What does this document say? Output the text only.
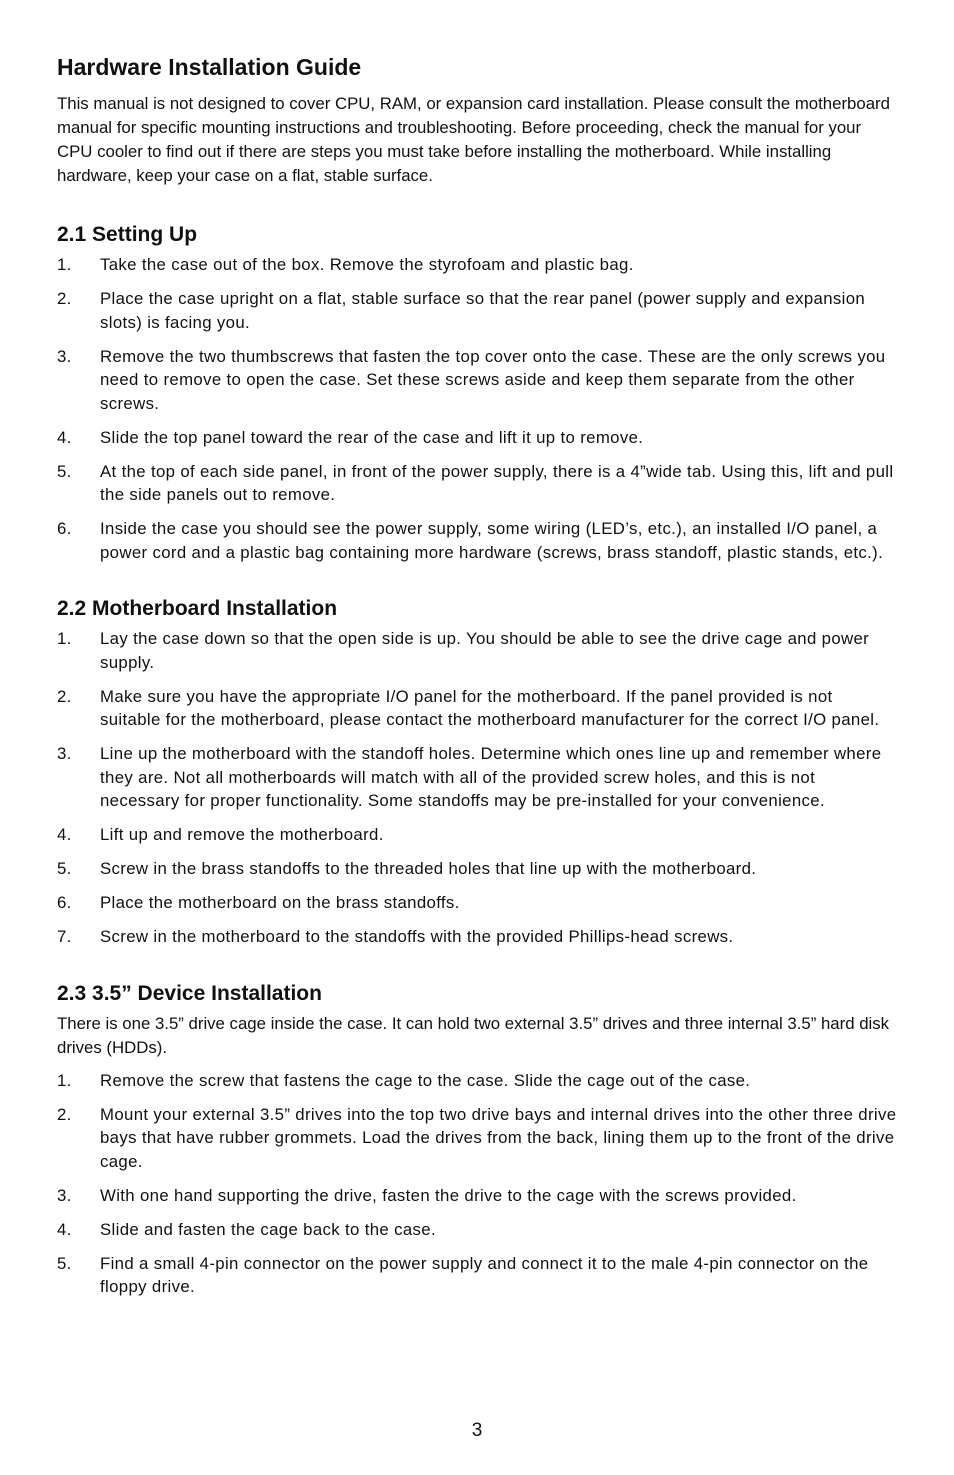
Hardware Installation Guide

This manual is not designed to cover CPU, RAM, or expansion card installation. Please consult the motherboard manual for specific mounting instructions and troubleshooting. Before proceeding, check the manual for your CPU cooler to find out if there are steps you must take before installing the motherboard. While installing hardware, keep your case on a flat, stable surface.

2.1 Setting Up
1. Take the case out of the box. Remove the styrofoam and plastic bag.
2. Place the case upright on a flat, stable surface so that the rear panel (power supply and expansion slots) is facing you.
3. Remove the two thumbscrews that fasten the top cover onto the case. These are the only screws you need to remove to open the case. Set these screws aside and keep them separate from the other screws.
4. Slide the top panel toward the rear of the case and lift it up to remove.
5. At the top of each side panel, in front of the power supply, there is a 4”wide tab. Using this, lift and pull the side panels out to remove.
6. Inside the case you should see the power supply, some wiring (LED’s, etc.), an installed I/O panel, a power cord and a plastic bag containing more hardware (screws, brass standoff, plastic stands, etc.).
2.2 Motherboard Installation
1. Lay the case down so that the open side is up. You should be able to see the drive cage and power supply.
2. Make sure you have the appropriate I/O panel for the motherboard. If the panel provided is not suitable for the motherboard, please contact the motherboard manufacturer for the correct I/O panel.
3. Line up the motherboard with the standoff holes. Determine which ones line up and remember where they are. Not all motherboards will match with all of the provided screw holes, and this is not necessary for proper functionality. Some standoffs may be pre-installed for your convenience.
4. Lift up and remove the motherboard.
5. Screw in the brass standoffs to the threaded holes that line up with the motherboard.
6. Place the motherboard on the brass standoffs.
7. Screw in the motherboard to the standoffs with the provided Phillips-head screws.
2.3 3.5” Device Installation

There is one 3.5” drive cage inside the case. It can hold two external 3.5” drives and three internal 3.5” hard disk drives (HDDs).

1. Remove the screw that fastens the cage to the case. Slide the cage out of the case.
2. Mount your external 3.5” drives into the top two drive bays and internal drives into the other three drive bays that have rubber grommets. Load the drives from the back, lining them up to the front of the drive cage.
3. With one hand supporting the drive, fasten the drive to the cage with the screws provided.
4. Slide and fasten the cage back to the case.
5. Find a small 4-pin connector on the power supply and connect it to the male 4-pin connector on the floppy drive.
3
